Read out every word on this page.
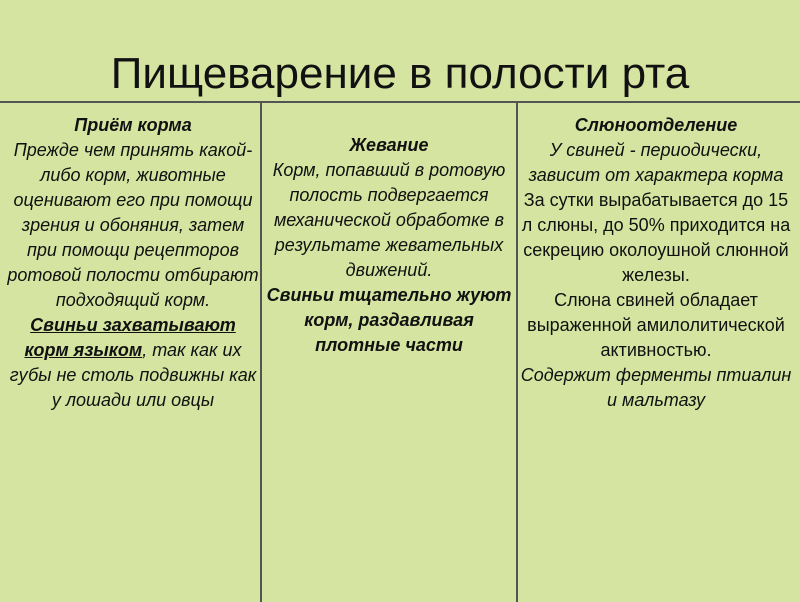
Пищеварение в полости рта
Приём корма
Прежде чем принять какой-либо корм, животные оценивают его при помощи зрения и обоняния, затем при помощи рецепторов ротовой полости отбирают подходящий корм.
Свиньи захватывают корм языком, так как их губы не столь подвижны как у лошади или овцы
Жевание
Корм, попавший в ротовую полость подвергается механической обработке в результате жевательных движений.
Свиньи тщательно жуют корм, раздавливая плотные части
Слюноотделение
У свиней - периодически, зависит от характера корма
За сутки вырабатывается до 15 л слюны, до 50% приходится на секрецию околоушной слюнной железы.
Слюна свиней обладает выраженной амилолитической активностью.
Содержит ферменты птиалин и мальтазу
